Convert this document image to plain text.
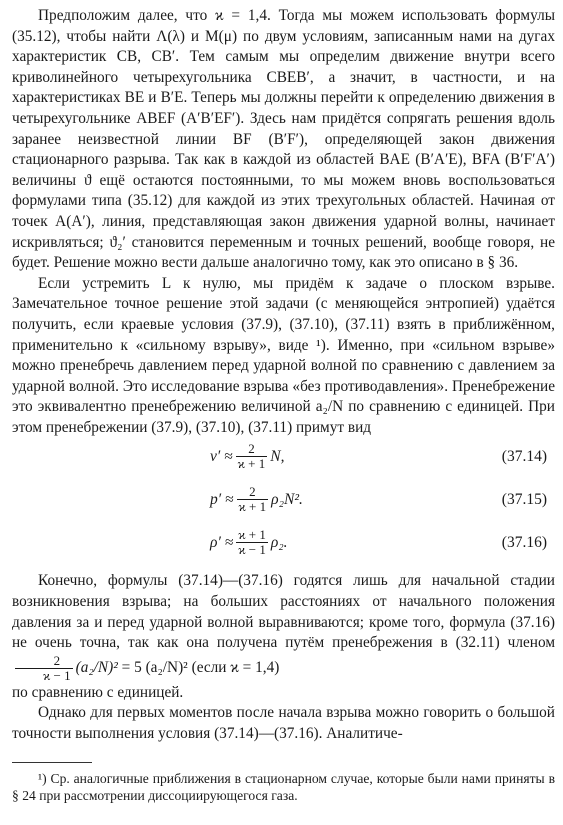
Предположим далее, что ϰ = 1,4. Тогда мы можем использовать формулы (35.12), чтобы найти Λ(λ) и M(μ) по двум условиям, записанным нами на дугах характеристик CB, CB′. Тем самым мы определим движение внутри всего криволинейного четырехугольника CBEB′, а значит, в частности, и на характеристиках BE и B′E. Теперь мы должны перейти к определению движения в четырехугольнике ABEF (A′B′EF′). Здесь нам придётся сопрягать решения вдоль заранее неизвестной линии BF (B′F′), определяющей закон движения стационарного разрыва. Так как в каждой из областей BAE (B′A′E), BFA (B′F′A′) величины ϑ ещё остаются постоянными, то мы можем вновь воспользоваться формулами типа (35.12) для каждой из этих трехугольных областей. Начиная от точек A(A′), линия, представляющая закон движения ударной волны, начинает искривляться; ϑ₂′ становится переменным и точных решений, вообще говоря, не будет. Решение можно вести дальше аналогично тому, как это описано в § 36.

Если устремить L к нулю, мы придём к задаче о плоском взрыве. Замечательное точное решение этой задачи (с меняющейся энтропией) удаётся получить, если краевые условия (37.9), (37.10), (37.11) взять в приближённом, применительно к «сильному взрыву», виде ¹). Именно, при «сильном взрыве» можно пренебречь давлением перед ударной волной по сравнению с давлением за ударной волной. Это исследование взрыва «без противодавления». Пренебрежение это эквивалентно пренебрежению величиной a₂/N по сравнению с единицей. При этом пренебрежении (37.9), (37.10), (37.11) примут вид

$v' \approx \frac{2}{ϰ + 1} N$,	(37.14)
$p' \approx \frac{2}{ϰ + 1} \rho_2N^2$.	(37.15)
$\rho' \approx \frac{ϰ + 1}{ϰ - 1} \rho_2$.	(37.16)

Конечно, формулы (37.14)—(37.16) годятся лишь для начальной стадии возникновения взрыва; на больших расстояниях от начального положения давления за и перед ударной волной выравниваются; кроме того, формула (37.16) не очень точна, так как она получена путём пренебрежения в (32.11) членом
$\frac{2}{ϰ - 1} (a_2/N)^2 = 5$ (a₂/N)² (если ϰ = 1,4)

по сравнению с единицей.

Однако для первых моментов после начала взрыва можно говорить о большой точности выполнения условия (37.14)—(37.16). Аналитиче-

¹) Ср. аналогичные приближения в стационарном случае, которые были нами приняты в § 24 при рассмотрении диссоциирующегося газа.
